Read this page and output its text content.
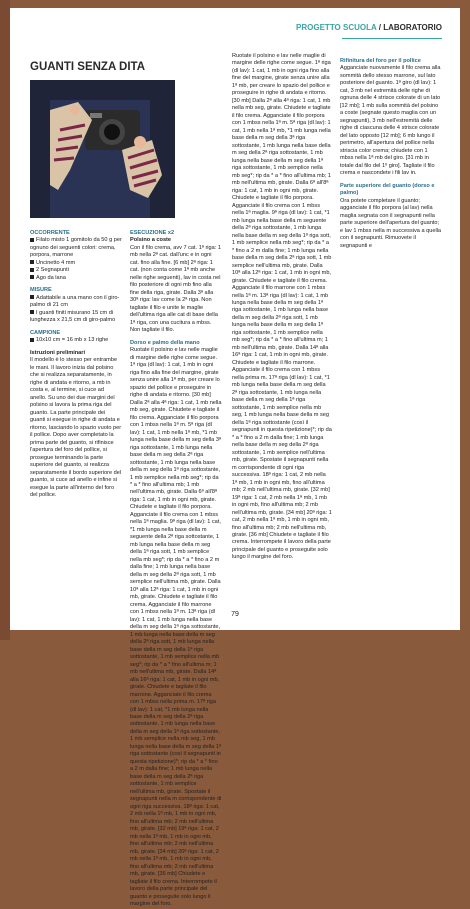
PROGETTO SCUOLA / LABORATORIO
GUANTI SENZA DITA

OCCORRENTE

Filato misto 1 gomitolo da 50 g per ognuno dei seguenti colori: crema, porpora, marrone

Uncinetto 4 mm

2 Segnapunti

Ago da lana

MISURE

Adattabile a una mano con il giro-palmo di 21 cm

I guanti finiti misurano 15 cm di lunghezza x 21,5 cm di giro-palmo

CAMPIONE

10x10 cm = 16 mb x 13 righe

Istruzioni preliminari

Il modello è lo stesso per entrambe le mani. Il lavoro inizia dal polsino che si realizza separatamente, in righe di andata e ritorno, a mb in costa e, al termine, si cuce ad anello. Su uno dei due margini del polsino si lavora la prima riga del guanto. La parte principale dei guanti si esegue in righe di andata e ritorno, lasciando lo spazio vuoto per il pollice. Dopo aver completato la prima parte del guanto, si rifinisce l'apertura del foro del pollice, si prosegue terminando la parte superiore del guanto, si realizza separatamente il bordo superiore del guanto, si cuce ad anello e infine si esegue la parte all'interno del foro del pollice.

ESECUZIONE x2

Polsino a coste

Con il filo crema, avv 7 cat. 1ª riga: 1 mb nella 2ª cat. dall'unc e in ogni cat. fino alla fine. [6 mb] 2ª riga: 1 cat. (non conta come 1ª mb anche nelle righe seguenti), lav in costa nel filo posteriore di ogni mb fino alla fine della riga, girate. Dalla 3ª alla 30ª riga: lav come la 2ª riga. Non tagliate il filo e unite le maglie dell'ultima riga alle cat di base della 1ª riga, con una cucitura a mbss. Non tagliate il filo.

Dorso e palmo della mano

Ruotate il polsino e lav nelle maglie di margine delle righe come segue. 1ª riga (dl lav): 1 cat, 1 mb in ogni riga fino alla fine del margine, girate senza unire alla 1ª mb, per creare lo spazio del pollice e proseguire in righe di andata e ritorno. [30 mb] Dalla 2ª alla 4ª riga: 1 cat, 1 mb nella mb seg, girate. Chiudete e tagliate il filo crema. Agganciate il filo porpora con 1 mbss nella 1ª m. 5ª riga (dl lav): 1 cat, 1 mb nella 1ª mb, *1 mb lunga nella base della m seg della 3ª riga sottostante, 1 mb lunga nella base della m seg della 2ª riga sottostante, 1 mb lunga nella base della m seg della 1ª riga sottostante, 1 mb semplice nella mb seg*; rip da * a * fino all'ultima mb; 1 mb nell'ultima mb, girate. Dalla 6ª all'8ª riga: 1 cat, 1 mb in ogni mb, girate. Chiudete e tagliate il filo porpora. Agganciate il filo crema con 1 mbss nella 1ª maglia. 9ª riga (dl lav): 1 cat, *1 mb lunga nella base della m seguente della 2ª riga sottostante, 1 mb lunga nella base della m seg della 1ª riga sott, 1 mb semplice nella mb seg*; rip da * a * fino a 2 m dalla fine; 1 mb lunga nella base della m seg della 2ª riga sott, 1 mb semplice nell'ultima mb, girate. Dalla 10ª alla 12ª riga: 1 cat, 1 mb in ogni mb, girate. Chiudete e tagliate il filo crema. Agganciate il filo marrone con 1 mbss nella 1ª m. 13ª riga (dl lav): 1 cat, 1 mb lunga nella base della m seg della 1ª riga sottostante, 1 mb lunga nella base della m seg della 2ª riga sott, 1 mb lunga nella base della m seg della 1ª riga sottostante, 1 mb semplice nella mb seg*; rip da * a * fino all'ultima m; 1 mb nell'ultima mb, girate. Dalla 14ª alla 16ª riga: 1 cat, 1 mb in ogni mb, girate. Chiudete e tagliate il filo marrone. Agganciate il filo crema con 1 mbss nella prima m. 17ª riga (dl lav): 1 cat, *1 mb lunga nella base della m seg della 2ª riga sottostante, 1 mb lunga nella base della m seg della 1ª riga sottostante, 1 mb semplice nella mb seg, 1 mb lunga nella base della m seg della 1ª riga sottostante (così il segnapunti in questa ripetizione)*; rip da * a * fino a 2 m dalla fine; 1 mb lunga nella base della m seg della 2ª riga sottostante, 1 mb semplice nell'ultima mb, girate. Spostate il segnapunti nella m corrispondente di ogni riga successiva. 18ª riga: 1 cat, 2 mb nella 1ª mb, 1 mb in ogni mb, fino all'ultima mb; 2 mb nell'ultima mb, girate. [32 mb] 19ª riga: 1 cat, 2 mb nella 1ª mb, 1 mb in ogni mb, fino all'ultima mb; 2 mb nell'ultima mb, girate. [34 mb] 20ª riga: 1 cat, 2 mb nella 1ª mb, 1 mb in ogni mb, fino all'ultima mb; 2 mb nell'ultima mb, girate. [36 mb] Chiudete e tagliate il filo crema. Interrompete il lavoro della parte principale del guanto e proseguite solo lungo il margine del foro.

Ruotate il polsino e lav nelle maglie di margine delle righe come segue. 1ª riga (dl lav): 1 cat, 1 mb in ogni riga fino alla fine del margine, girate senza unire alla 1ª mb, per creare lo spazio del pollice e proseguire in righe di andata e ritorno. [30 mb] Dalla 2ª alla 4ª riga: 1 cat, 1 mb nella mb seg, girate. Chiudete e tagliate il filo crema. Agganciate il filo porpora con 1 mbss nella 1ª m. 5ª riga (dl lav): 1 cat, 1 mb nella 1ª mb, *1 mb lunga nella base della m seg della 3ª riga sottostante, 1 mb lunga nella base della m seg della 2ª riga sottostante, 1 mb lunga nella base della m seg della 1ª riga sottostante, 1 mb semplice nella mb seg*; rip da * a * fino all'ultima mb; 1 mb nell'ultima mb, girate. Dalla 6ª all'8ª riga: 1 cat, 1 mb in ogni mb, girate. Chiudete e tagliate il filo porpora. Agganciate il filo crema con 1 mbss nella 1ª maglia. 9ª riga (dl lav): 1 cat, *1 mb lunga nella base della m seguente della 2ª riga sottostante, 1 mb lunga nella base della m seg della 1ª riga sott, 1 mb semplice nella mb seg*; rip da * a * fino a 2 m dalla fine; 1 mb lunga nella base della m seg della 2ª riga sott, 1 mb semplice nell'ultima mb, girate. Dalla 10ª alla 12ª riga: 1 cat, 1 mb in ogni mb, girate. Chiudete e tagliate il filo crema. Agganciate il filo marrone con 1 mbss nella 1ª m. 13ª riga (dl lav): 1 cat, 1 mb lunga nella base della m seg della 1ª riga sottostante, 1 mb lunga nella base della m seg della 2ª riga sott, 1 mb lunga nella base della m seg della 1ª riga sottostante, 1 mb semplice nella mb seg*; rip da * a * fino all'ultima m; 1 mb nell'ultima mb, girate. Dalla 14ª alla 16ª riga: 1 cat, 1 mb in ogni mb, girate. Chiudete e tagliate il filo marrone. Agganciate il filo crema con 1 mbss nella prima m. 17ª riga (dl lav): 1 cat, *1 mb lunga nella base della m seg della 2ª riga sottostante, 1 mb lunga nella base della m seg della 1ª riga sottostante, 1 mb semplice nella mb seg, 1 mb lunga nella base della m seg della 1ª riga sottostante (così il segnapunti in questa ripetizione)*; rip da * a * fino a 2 m dalla fine; 1 mb lunga nella base della m seg della 2ª riga sottostante, 1 mb semplice nell'ultima mb, girate. Spostate il segnapunti nella m corrispondente di ogni riga successiva. 18ª riga: 1 cat, 2 mb nella 1ª mb, 1 mb in ogni mb, fino all'ultima mb; 2 mb nell'ultima mb, girate. [32 mb] 19ª riga: 1 cat, 2 mb nella 1ª mb, 1 mb in ogni mb, fino all'ultima mb; 2 mb nell'ultima mb, girate. [34 mb] 20ª riga: 1 cat, 2 mb nella 1ª mb, 1 mb in ogni mb, fino all'ultima mb; 2 mb nell'ultima mb, girate. [36 mb] Chiudete e tagliate il filo crema. Interrompete il lavoro della parte principale del guanto e proseguite solo lungo il margine del foro.

Rifinitura del foro per il pollice

Agganciate nuovamente il filo crema alla sommità dello stesso marrone, sul lato posteriore del guanto. 1ª giro (dl lav): 1 cat, 3 mb nel estremità delle righe di ognuna delle 4 strisce colorate di un lato [12 mb]; 1 mb sulla sommità del polsino a coste (segnate questo maglia con un segnapunti), 3 mb nell'estremità delle righe di ciascuna delle 4 strisce colorate del lato opposto [12 mb]; 6 mb lungo il perimetro, all'apertura del pollice nella striscia color crema; chiudete con 1 mbss nella 1ª mb del giro. [31 mb in totale dal filo del 1º giro]. Tagliate il filo crema e nascondete i fili lav in.

Parte superiore del guanto (dorso e palmo)

Ora potete completare il guanto; agganciate il filo porpora (al lav) nella maglia segnata con il segnapunti nella parte superiore dell'apertura del guanto; e lav 1 mbss nella m successiva a quella con il segnapunti. Rimuovete il segnapunti e

79
